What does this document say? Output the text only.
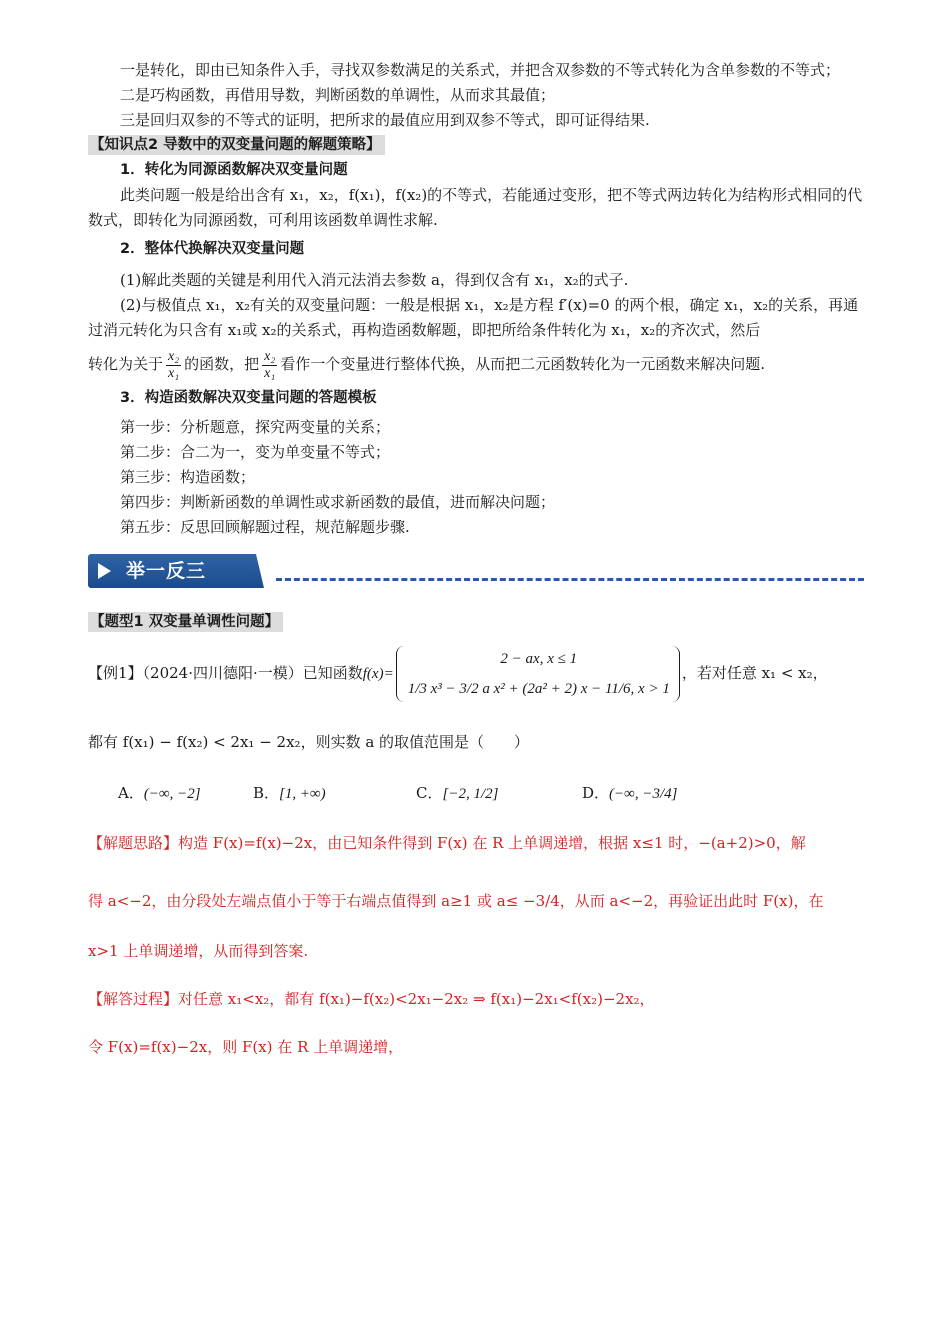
一是转化，即由已知条件入手，寻找双参数满足的关系式，并把含双参数的不等式转化为含单参数的不等式；

二是巧构函数，再借用导数，判断函数的单调性，从而求其最值；

三是回归双参的不等式的证明，把所求的最值应用到双参不等式，即可证得结果.

【知识点2 导数中的双变量问题的解题策略】

1．转化为同源函数解决双变量问题

此类问题一般是给出含有 x₁，x₂，f(x₁)，f(x₂)的不等式，若能通过变形，把不等式两边转化为结构形式相同的代数式，即转化为同源函数，可利用该函数单调性求解.

2．整体代换解决双变量问题

(1)解此类题的关键是利用代入消元法消去参数 a，得到仅含有 x₁，x₂的式子.

(2)与极值点 x₁，x₂有关的双变量问题：一般是根据 x₁，x₂是方程 f′(x)=0 的两个根，确定 x₁，x₂的关系，再通过消元转化为只含有 x₁或 x₂的关系式，再构造函数解题，即把所给条件转化为 x₁，x₂的齐次式，然后

转化为关于 $\frac{\text{x₂}}{\text{x₁}}$ 的函数，把 $\frac{\text{x₂}}{\text{x₁}}$ 看作一个变量进行整体代换，从而把二元函数转化为一元函数来解决问题.

3．构造函数解决双变量问题的答题模板

第一步：分析题意，探究两变量的关系；

第二步：合二为一，变为单变量不等式；

第三步：构造函数；

第四步：判断新函数的单调性或求新函数的最值，进而解决问题；

第五步：反思回顾解题过程，规范解题步骤.

举一反三
【题型1 双变量单调性问题】
【例1】（2024·四川德阳·一模）已知函数f(x)=
2 − ax, x ≤ 1
1/3 x³ − 3/2 a x² + (2a² + 2) x − 11/6, x > 1
，若对任意 x₁ < x₂，

都有 f(x₁) − f(x₂) < 2x₁ − 2x₂，则实数 a 的取值范围是（　　）

A．(−∞, −2]	B．[1, +∞)	C．[−2, 1/2]	D．(−∞, −3/4]

【解题思路】构造 F(x)=f(x)−2x，由已知条件得到 F(x) 在 R 上单调递增，根据 x≤1 时，−(a+2)>0，解

得 a<−2，由分段处左端点值小于等于右端点值得到 a≥1 或 a≤ −3/4，从而 a<−2，再验证出此时 F(x)，在

x>1 上单调递增，从而得到答案.

【解答过程】对任意 x₁<x₂，都有 f(x₁)−f(x₂)<2x₁−2x₂ ⇒ f(x₁)−2x₁<f(x₂)−2x₂，

令 F(x)=f(x)−2x，则 F(x) 在 R 上单调递增，
